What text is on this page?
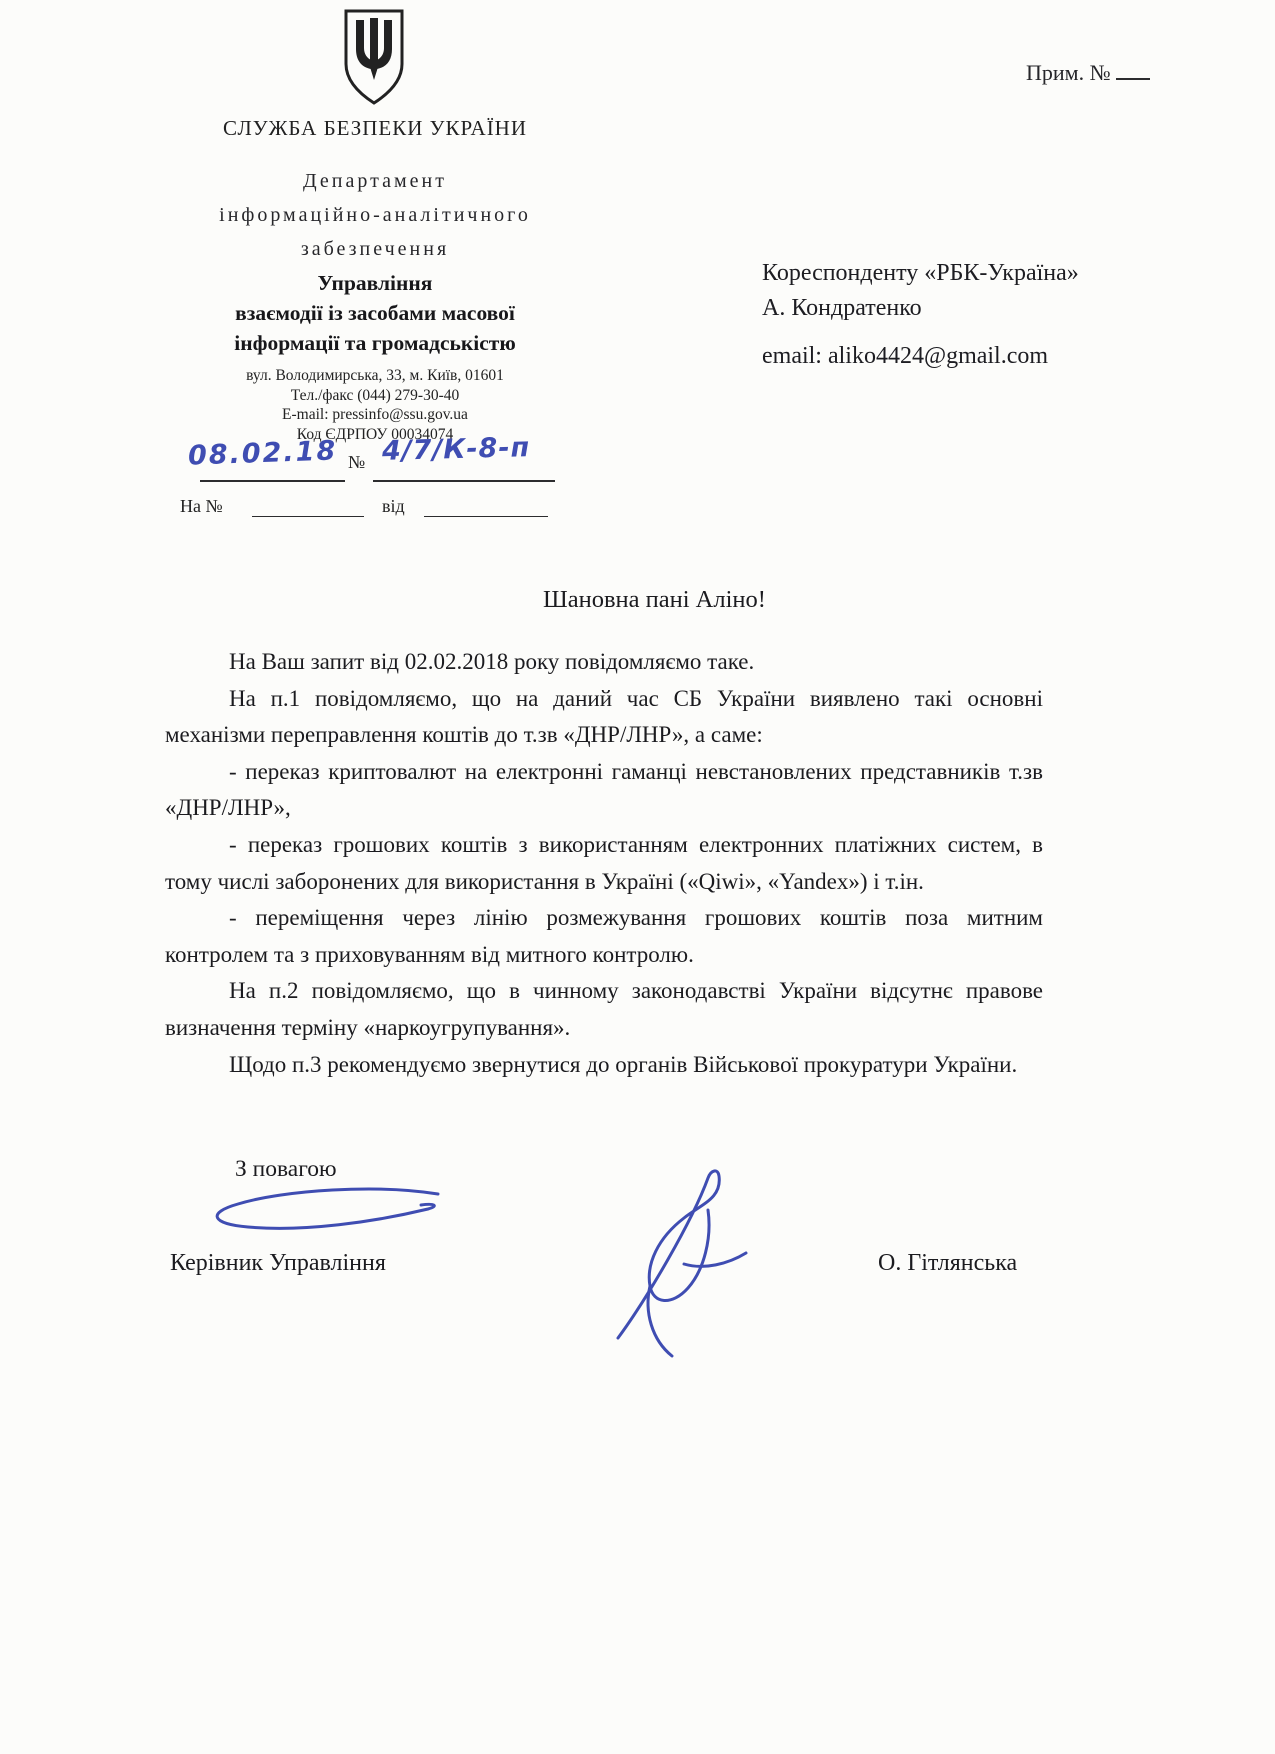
Прим. №
СЛУЖБА БЕЗПЕКИ УКРАЇНИ
Департамент
інформаційно-аналітичного
забезпечення
Управління
взаємодії із засобами масової
інформації та громадськістю
вул. Володимирська, 33, м. Київ, 01601
Тел./факс (044) 279-30-40
E-mail: pressinfo@ssu.gov.ua
Код ЄДРПОУ 00034074
08.02.18 № 4/7/К-8-п
На №	від
Кореспонденту «РБК-Україна»
А. Кондратенко
email: aliko4424@gmail.com
Шановна пані Аліно!

На Ваш запит від 02.02.2018 року повідомляємо таке.

На п.1 повідомляємо, що на даний час СБ України виявлено такі основні механізми переправлення коштів до т.зв «ДНР/ЛНР», а саме:

- переказ криптовалют на електронні гаманці невстановлених представників т.зв «ДНР/ЛНР»,

- переказ грошових коштів з використанням електронних платіжних систем, в тому числі заборонених для використання в Україні («Qiwi», «Yandex») і т.ін.

- переміщення через лінію розмежування грошових коштів поза митним контролем та з приховуванням від митного контролю.

На п.2 повідомляємо, що в чинному законодавстві України відсутнє правове визначення терміну «наркоугрупування».

Щодо п.3 рекомендуємо звернутися до органів Військової прокуратури України.

З повагою
Керівник Управління	О. Гітлянська
